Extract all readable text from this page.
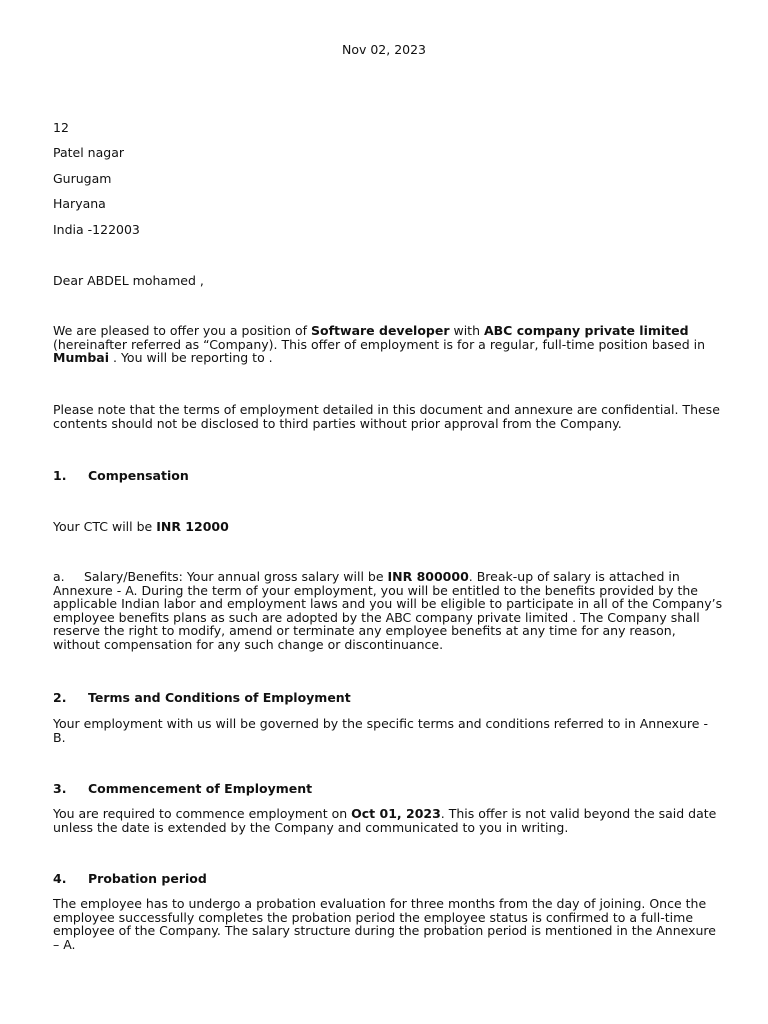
Nov 02, 2023
12
Patel nagar
Gurugam
Haryana
India -122003
Dear ABDEL mohamed ,
We are pleased to offer you a position of Software developer with ABC company private limited (hereinafter referred as “Company). This offer of employment is for a regular, full-time position based in Mumbai . You will be reporting to .
Please note that the terms of employment detailed in this document and annexure are confidential. These contents should not be disclosed to third parties without prior approval from the Company.
1. Compensation
Your CTC will be INR 12000
a. Salary/Benefits: Your annual gross salary will be INR 800000. Break-up of salary is attached in Annexure - A. During the term of your employment, you will be entitled to the benefits provided by the applicable Indian labor and employment laws and you will be eligible to participate in all of the Company’s employee benefits plans as such are adopted by the ABC company private limited . The Company shall reserve the right to modify, amend or terminate any employee benefits at any time for any reason, without compensation for any such change or discontinuance.
2. Terms and Conditions of Employment
Your employment with us will be governed by the specific terms and conditions referred to in Annexure - B.
3. Commencement of Employment
You are required to commence employment on Oct 01, 2023. This offer is not valid beyond the said date unless the date is extended by the Company and communicated to you in writing.
4. Probation period
The employee has to undergo a probation evaluation for three months from the day of joining. Once the employee successfully completes the probation period the employee status is confirmed to a full-time employee of the Company. The salary structure during the probation period is mentioned in the Annexure – A.
